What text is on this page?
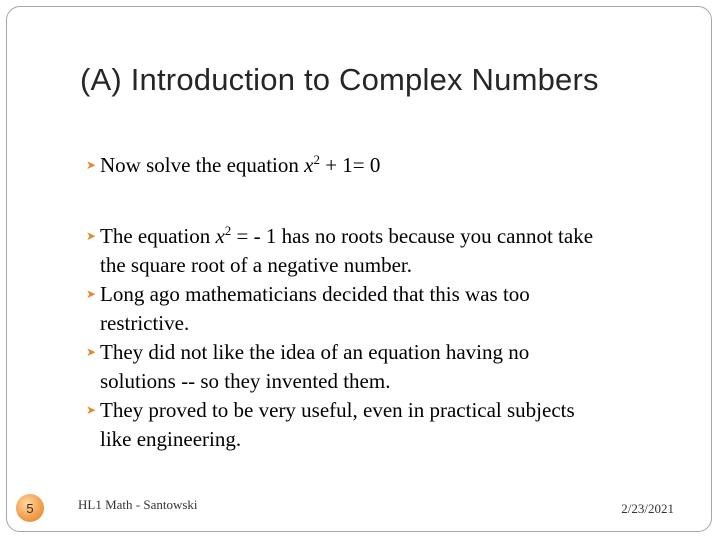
(A) Introduction to Complex Numbers
➤ Now solve the equation $x^2 + 1= 0$
➤ The equation $x^2$ = - 1 has no roots because you cannot take
the square root of a negative number.
➤ Long ago mathematicians decided that this was too
restrictive.
➤ They did not like the idea of an equation having no
solutions -- so they invented them.
➤ They proved to be very useful, even in practical subjects
like engineering.
5	HL1 Math - Santowski	2/23/2021
